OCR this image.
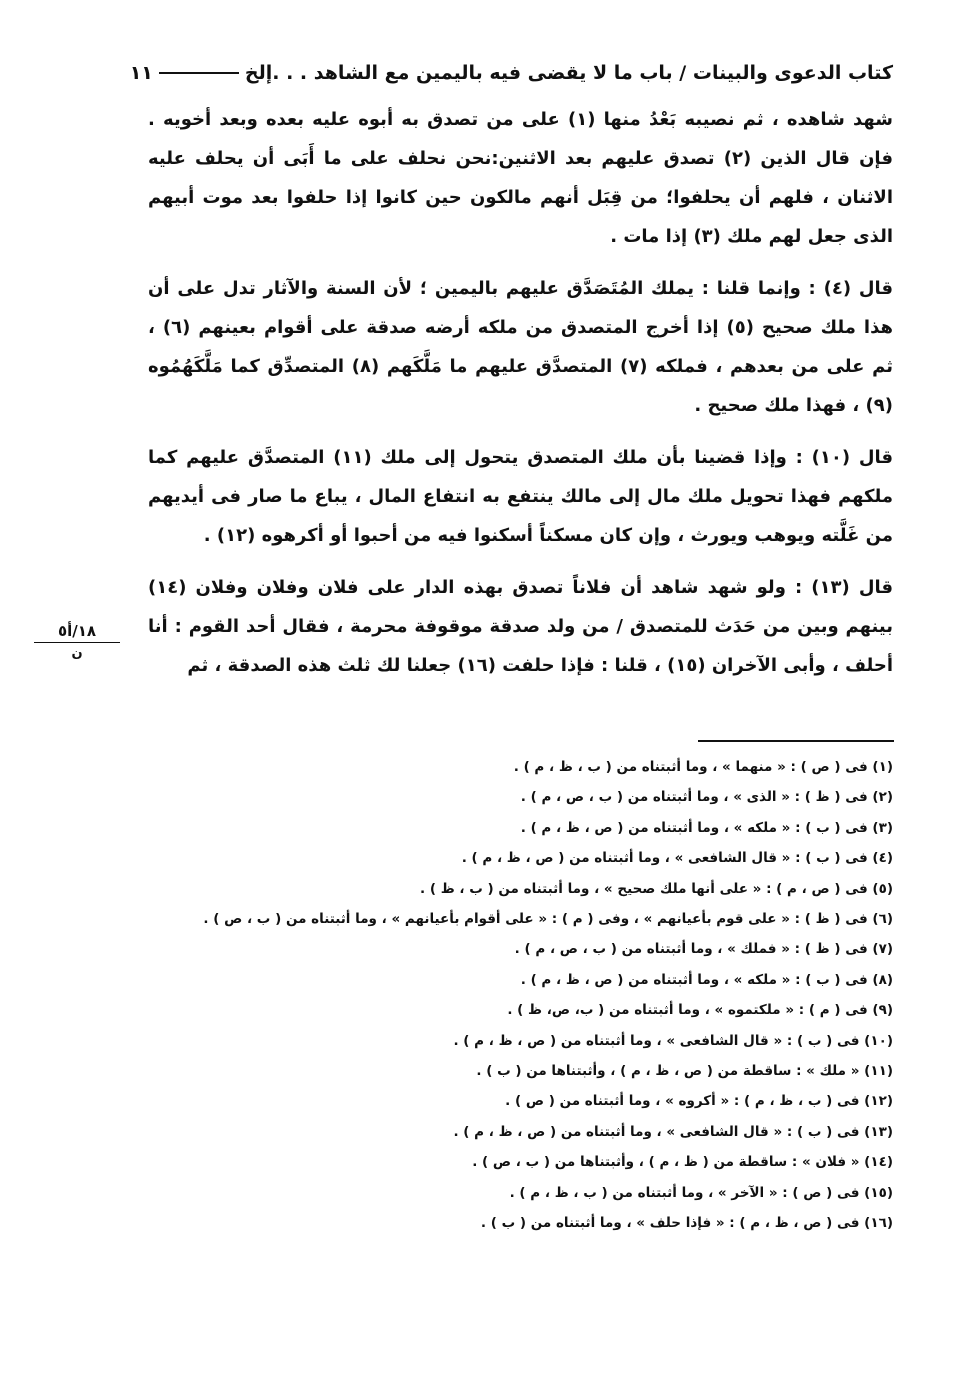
كتاب الدعوى والبينات / باب ما لا يقضى فيه باليمين مع الشاهد . . .إلخ
١١

شهد شاهده ، ثم نصيبه بَعْدُ منها (١) على من تصدق به أبوه عليه بعده وبعد أخويه . فإن قال الذين (٢) تصدق عليهم بعد الاثنين:نحن نحلف على ما أَبَى أن يحلف عليه الاثنان ، فلهم أن يحلفوا؛ من قِبَل أنهم مالكون حين كانوا إذا حلفوا بعد موت أبيهم الذى جعل لهم ملك (٣) إذا مات .

قال (٤) : وإنما قلنا : يملك المُتَصَدَّق عليهم باليمين ؛ لأن السنة والآثار تدل على أن هذا ملك صحيح (٥) إذا أخرج المتصدق من ملكه أرضه صدقة على أقوام بعينهم (٦) ، ثم على من بعدهم ، فملكه (٧) المتصدَّق عليهم ما مَلَّكَهم (٨) المتصدِّق كما مَلَّكَهُمُوه (٩) ، فهذا ملك صحيح .

قال (١٠) : وإذا قضينا بأن ملك المتصدق يتحول إلى ملك (١١) المتصدَّق عليهم كما ملكهم فهذا تحويل ملك مال إلى مالك ينتفع به انتفاع المال ، يباع ما صار فى أيديهم من غَلَّته ويوهب ويورث ، وإن كان مسكناً أسكنوا فيه من أحبوا أو أكرهوه (١٢) .

قال (١٣) : ولو شهد شاهد أن فلاناً تصدق بهذه الدار على فلان وفلان وفلان (١٤) بينهم وبين من حَدَث للمتصدق / من ولد صدقة موقوفة محرمة ، فقال أحد القوم : أنا أحلف ، وأبى الآخران (١٥) ، قلنا : فإذا حلفت (١٦) جعلنا لك ثلث هذه الصدقة ، ثم

١٨/أ٥
ن
(١) فى ( ص ) : « منهما » ، وما أثبتناه من ( ب ، ظ ، م ) .
(٢) فى ( ظ ) : « الذى » ، وما أثبتناه من ( ب ، ص ، م ) .
(٣) فى ( ب ) : « ملكه » ، وما أثبتناه من ( ص ، ظ ، م ) .
(٤) فى ( ب ) : « قال الشافعى » ، وما أثبتناه من ( ص ، ظ ، م ) .
(٥) فى ( ص ، م ) : « على أنها ملك صحيح » ، وما أثبتناه من ( ب ، ظ ) .
(٦) فى ( ظ ) : « على قوم بأعيانهم » ، وفى ( م ) : « على أقوام بأعيانهم » ، وما أثبتناه من ( ب ، ص ) .
(٧) فى ( ظ ) : « فملك » ، وما أثبتناه من ( ب ، ص ، م ) .
(٨) فى ( ب ) : « ملكه » ، وما أثبتناه من ( ص ، ظ ، م ) .
(٩) فى ( م ) : « ملكتموه » ، وما أثبتناه من ( ب، ص، ظ ) .
(١٠) فى ( ب ) : « قال الشافعى » ، وما أثبتناه من ( ص ، ظ ، م ) .
(١١) « ملك » : ساقطة من ( ص ، ظ ، م ) ، وأثبتناها من ( ب ) .
(١٢) فى ( ب ، ظ ، م ) : « أكروه » ، وما أثبتناه من ( ص ) .
(١٣) فى ( ب ) : « قال الشافعى » ، وما أثبتناه من ( ص ، ظ ، م ) .
(١٤) « فلان » : ساقطة من ( ظ ، م ) ، وأثبتناها من ( ب ، ص ) .
(١٥) فى ( ص ) : « الآخر » ، وما أثبتناه من ( ب ، ظ ، م ) .
(١٦) فى ( ص ، ظ ، م ) : « فإذا حلف » ، وما أثبتناه من ( ب ) .
